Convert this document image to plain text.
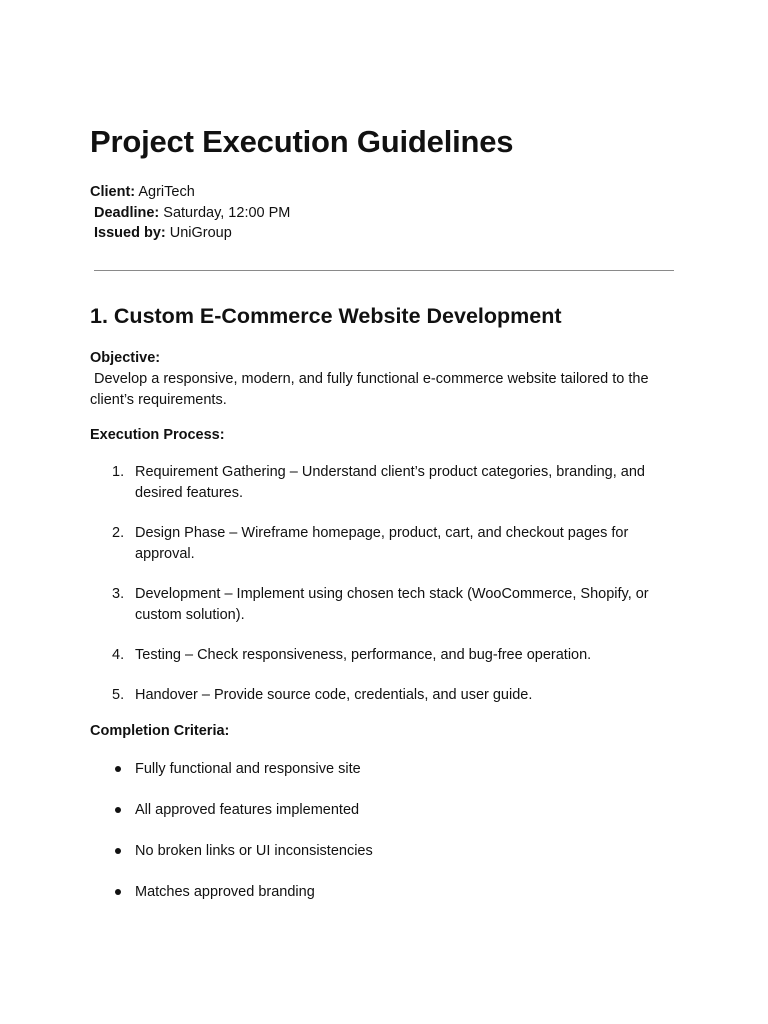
Project Execution Guidelines
Client: AgriTech
Deadline: Saturday, 12:00 PM
Issued by: UniGroup
1. Custom E-Commerce Website Development
Objective:
Develop a responsive, modern, and fully functional e-commerce website tailored to the client’s requirements.
Execution Process:
1. Requirement Gathering – Understand client’s product categories, branding, and desired features.
2. Design Phase – Wireframe homepage, product, cart, and checkout pages for approval.
3. Development – Implement using chosen tech stack (WooCommerce, Shopify, or custom solution).
4. Testing – Check responsiveness, performance, and bug-free operation.
5. Handover – Provide source code, credentials, and user guide.
Completion Criteria:
Fully functional and responsive site
All approved features implemented
No broken links or UI inconsistencies
Matches approved branding
